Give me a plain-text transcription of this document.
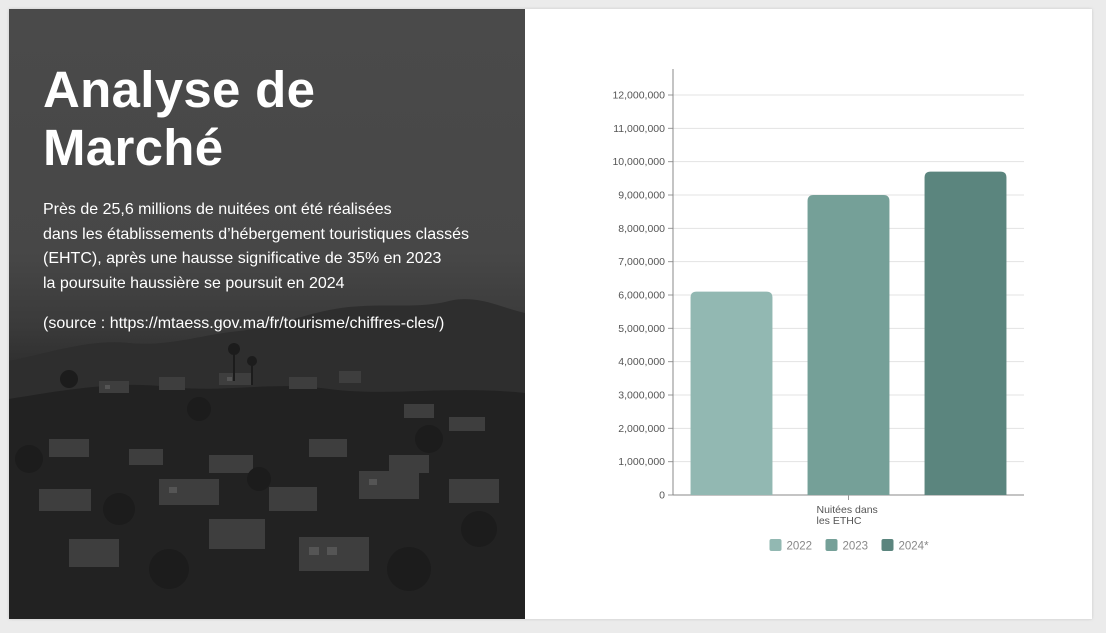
Analyse de
Marché
Près de 25,6 millions de nuitées ont été réalisées
dans les établissements d’hébergement touristiques classés
(EHTC), après une hausse significative de 35% en 2023
la poursuite haussière se poursuit en 2024
(source : https://mtaess.gov.ma/fr/tourisme/chiffres-cles/)
0
1,000,000
2,000,000
3,000,000
4,000,000
5,000,000
6,000,000
7,000,000
8,000,000
9,000,000
10,000,000
11,000,000
12,000,000
Nuitées dans
les ETHC
2022	2023	2024*
